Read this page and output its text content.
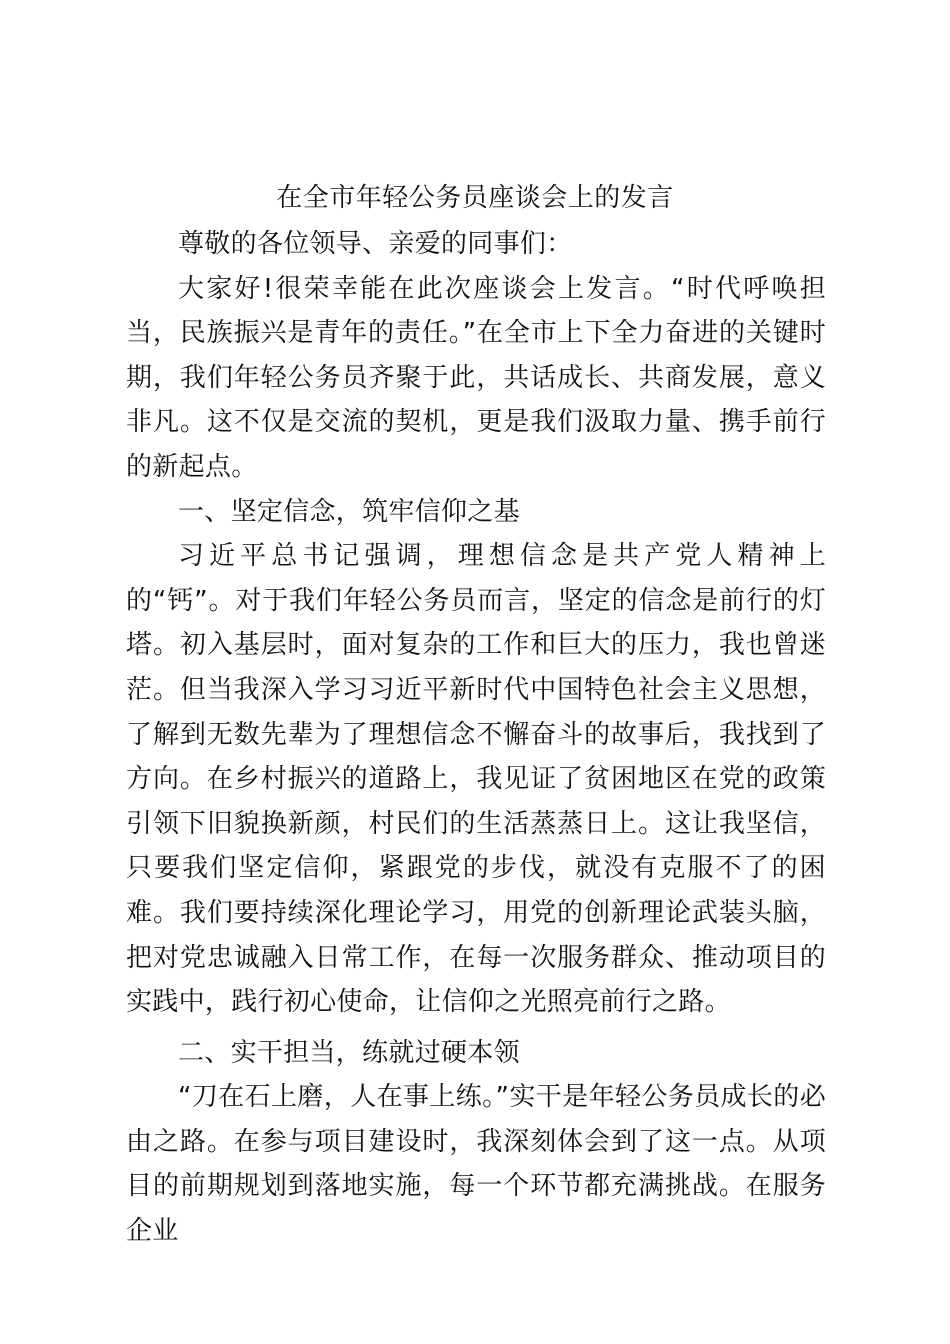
在全市年轻公务员座谈会上的发言

尊敬的各位领导、亲爱的同事们：

大家好!很荣幸能在此次座谈会上发言。“时代呼唤担当，民族振兴是青年的责任。”在全市上下全力奋进的关键时期，我们年轻公务员齐聚于此，共话成长、共商发展，意义非凡。这不仅是交流的契机，更是我们汲取力量、携手前行的新起点。

一、坚定信念，筑牢信仰之基

习近平总书记强调，理想信念是共产党人精神上的“钙”。对于我们年轻公务员而言，坚定的信念是前行的灯塔。初入基层时，面对复杂的工作和巨大的压力，我也曾迷茫。但当我深入学习习近平新时代中国特色社会主义思想，了解到无数先辈为了理想信念不懈奋斗的故事后，我找到了方向。在乡村振兴的道路上，我见证了贫困地区在党的政策引领下旧貌换新颜，村民们的生活蒸蒸日上。这让我坚信，只要我们坚定信仰，紧跟党的步伐，就没有克服不了的困难。我们要持续深化理论学习，用党的创新理论武装头脑，把对党忠诚融入日常工作，在每一次服务群众、推动项目的实践中，践行初心使命，让信仰之光照亮前行之路。

二、实干担当，练就过硬本领

“刀在石上磨，人在事上练。”实干是年轻公务员成长的必由之路。在参与项目建设时，我深刻体会到了这一点。从项目的前期规划到落地实施，每一个环节都充满挑战。在服务企业
